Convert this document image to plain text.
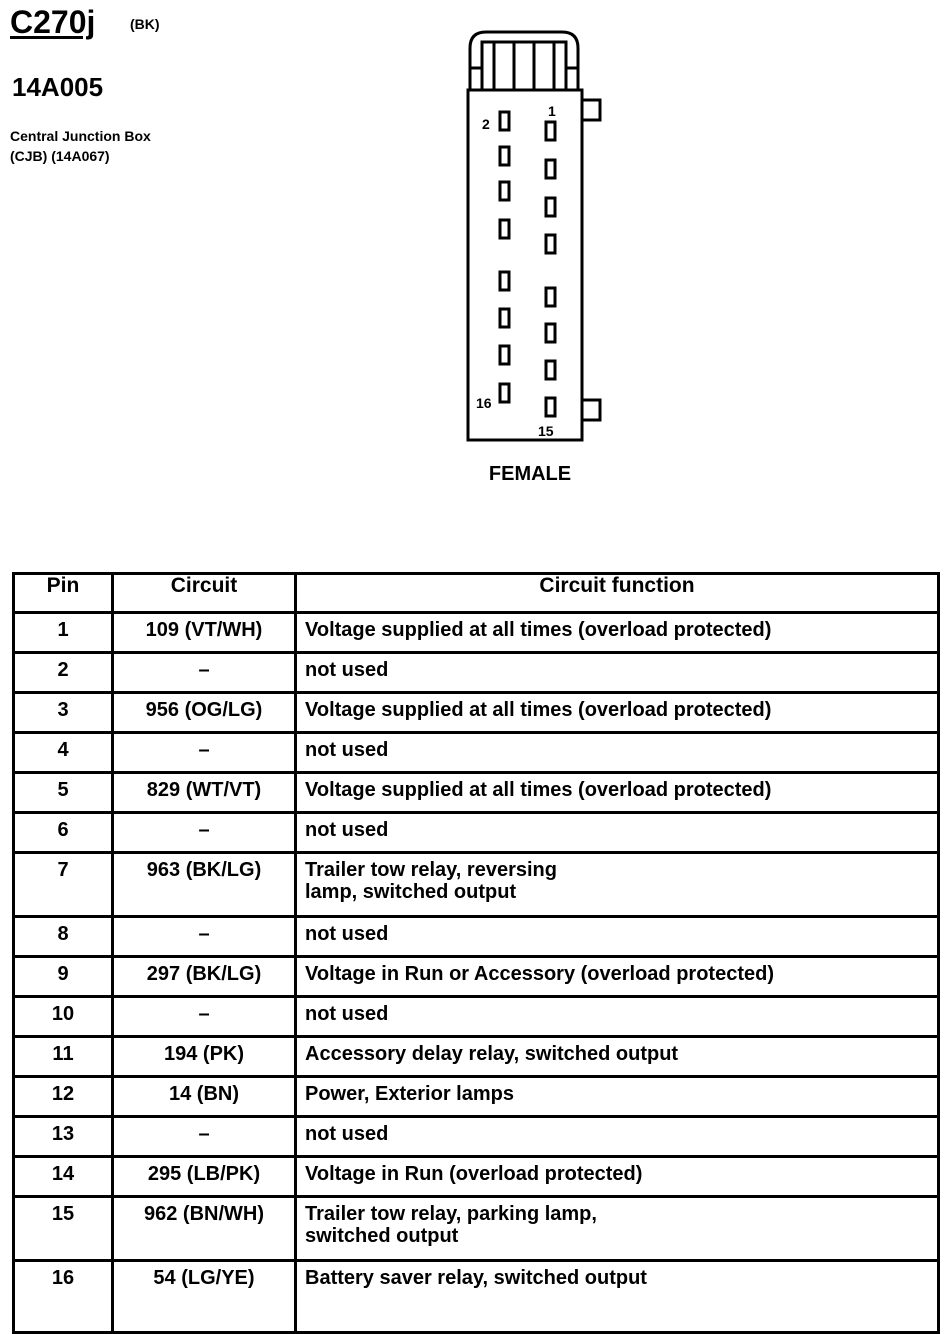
C270j (BK)
14A005
Central Junction Box
(CJB) (14A067)
1
2
16
15
FEMALE
Pin	Circuit	Circuit function
1	109 (VT/WH)	Voltage supplied at all times (overload protected)

2	–	not used

3	956 (OG/LG)	Voltage supplied at all times (overload protected)

4	–	not used

5	829 (WT/VT)	Voltage supplied at all times (overload protected)

6	–	not used

7	963 (BK/LG)	Trailer tow relay, reversing
lamp, switched output

8	–	not used

9	297 (BK/LG)	Voltage in Run or Accessory (overload protected)

10	–	not used

11	194 (PK)	Accessory delay relay, switched output

12	14 (BN)	Power, Exterior lamps

13	–	not used

14	295 (LB/PK)	Voltage in Run (overload protected)

15	962 (BN/WH)	Trailer tow relay, parking lamp,
switched output

16	54 (LG/YE)	Battery saver relay, switched output
